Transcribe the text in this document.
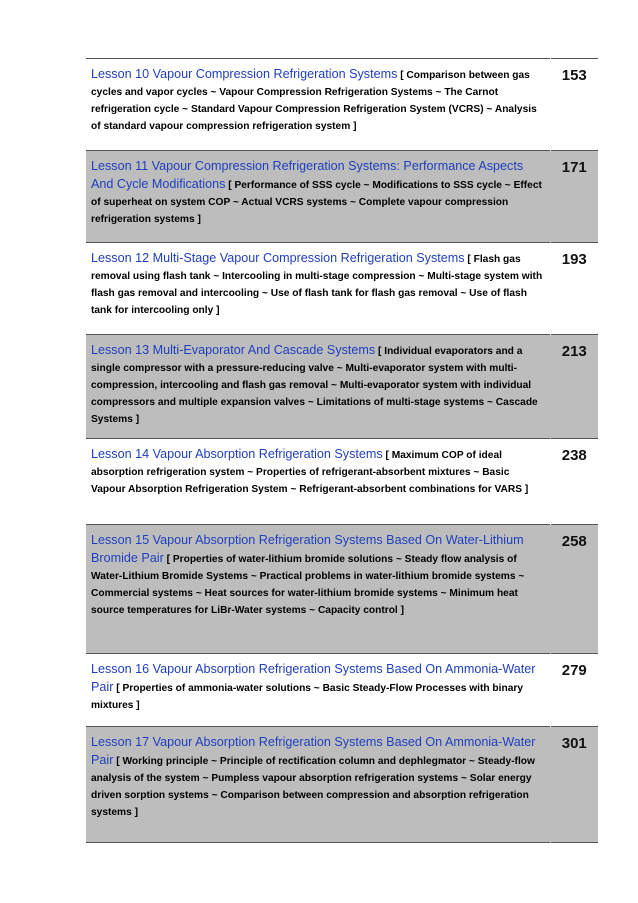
Lesson 10 Vapour Compression Refrigeration Systems [ Comparison between gas cycles and vapor cycles ~ Vapour Compression Refrigeration Systems ~ The Carnot refrigeration cycle ~ Standard Vapour Compression Refrigeration System (VCRS) ~ Analysis of standard vapour compression refrigeration system ]	153

Lesson 11 Vapour Compression Refrigeration Systems: Performance Aspects And Cycle Modifications [ Performance of SSS cycle ~ Modifications to SSS cycle ~ Effect of superheat on system COP ~ Actual VCRS systems ~ Complete vapour compression refrigeration systems ]	171

Lesson 12 Multi-Stage Vapour Compression Refrigeration Systems [ Flash gas removal using flash tank ~ Intercooling in multi-stage compression ~ Multi-stage system with flash gas removal and intercooling ~ Use of flash tank for flash gas removal ~ Use of flash tank for intercooling only ]	193

Lesson 13 Multi-Evaporator And Cascade Systems [ Individual evaporators and a single compressor with a pressure-reducing valve ~ Multi-evaporator system with multi-compression, intercooling and flash gas removal ~ Multi-evaporator system with individual compressors and multiple expansion valves ~ Limitations of multi-stage systems ~ Cascade Systems ]	213

Lesson 14 Vapour Absorption Refrigeration Systems [ Maximum COP of ideal absorption refrigeration system ~ Properties of refrigerant-absorbent mixtures ~ Basic Vapour Absorption Refrigeration System ~ Refrigerant-absorbent combinations for VARS ]	238

Lesson 15 Vapour Absorption Refrigeration Systems Based On Water-Lithium Bromide Pair [ Properties of water-lithium bromide solutions ~ Steady flow analysis of Water-Lithium Bromide Systems ~ Practical problems in water-lithium bromide systems ~ Commercial systems ~ Heat sources for water-lithium bromide systems ~ Minimum heat source temperatures for LiBr-Water systems ~ Capacity control ]	258

Lesson 16 Vapour Absorption Refrigeration Systems Based On Ammonia-Water Pair [ Properties of ammonia-water solutions ~ Basic Steady-Flow Processes with binary mixtures ]	279

Lesson 17 Vapour Absorption Refrigeration Systems Based On Ammonia-Water Pair [ Working principle ~ Principle of rectification column and dephlegmator ~ Steady-flow analysis of the system ~ Pumpless vapour absorption refrigeration systems ~ Solar energy driven sorption systems ~ Comparison between compression and absorption refrigeration systems ]	301
